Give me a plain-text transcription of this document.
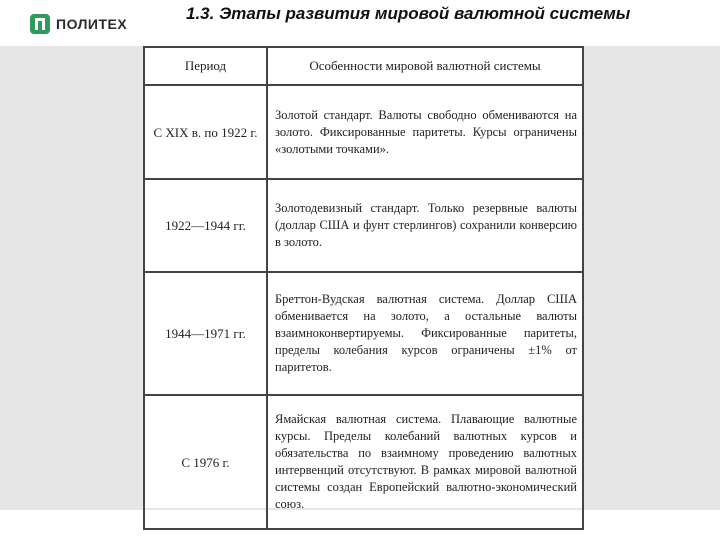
ПОЛИТЕХ
1.3. Этапы развития мировой валютной системы
Период	Особенности мировой валютной системы
С XIX в. по 1922 г.	Золотой стандарт. Валюты свободно обмениваются на золото. Фиксированные паритеты. Курсы ограничены «золотыми точками».
1922—1944 гг.	Золотодевизный стандарт. Только резервные валюты (доллар США и фунт стерлингов) сохранили конверсию в золото.
1944—1971 гг.	Бреттон-Вудская валютная система. Доллар США обменивается на золото, а остальные валюты взаимноконвертируемы. Фиксированные паритеты, пределы колебания курсов ограничены ±1% от паритетов.
С 1976 г.	Ямайская валютная система. Плавающие валютные курсы. Пределы колебаний валютных курсов и обязательства по взаимному проведению валютных интервенций отсутствуют. В рамках мировой валютной системы создан Европейский валютно-экономический союз.
